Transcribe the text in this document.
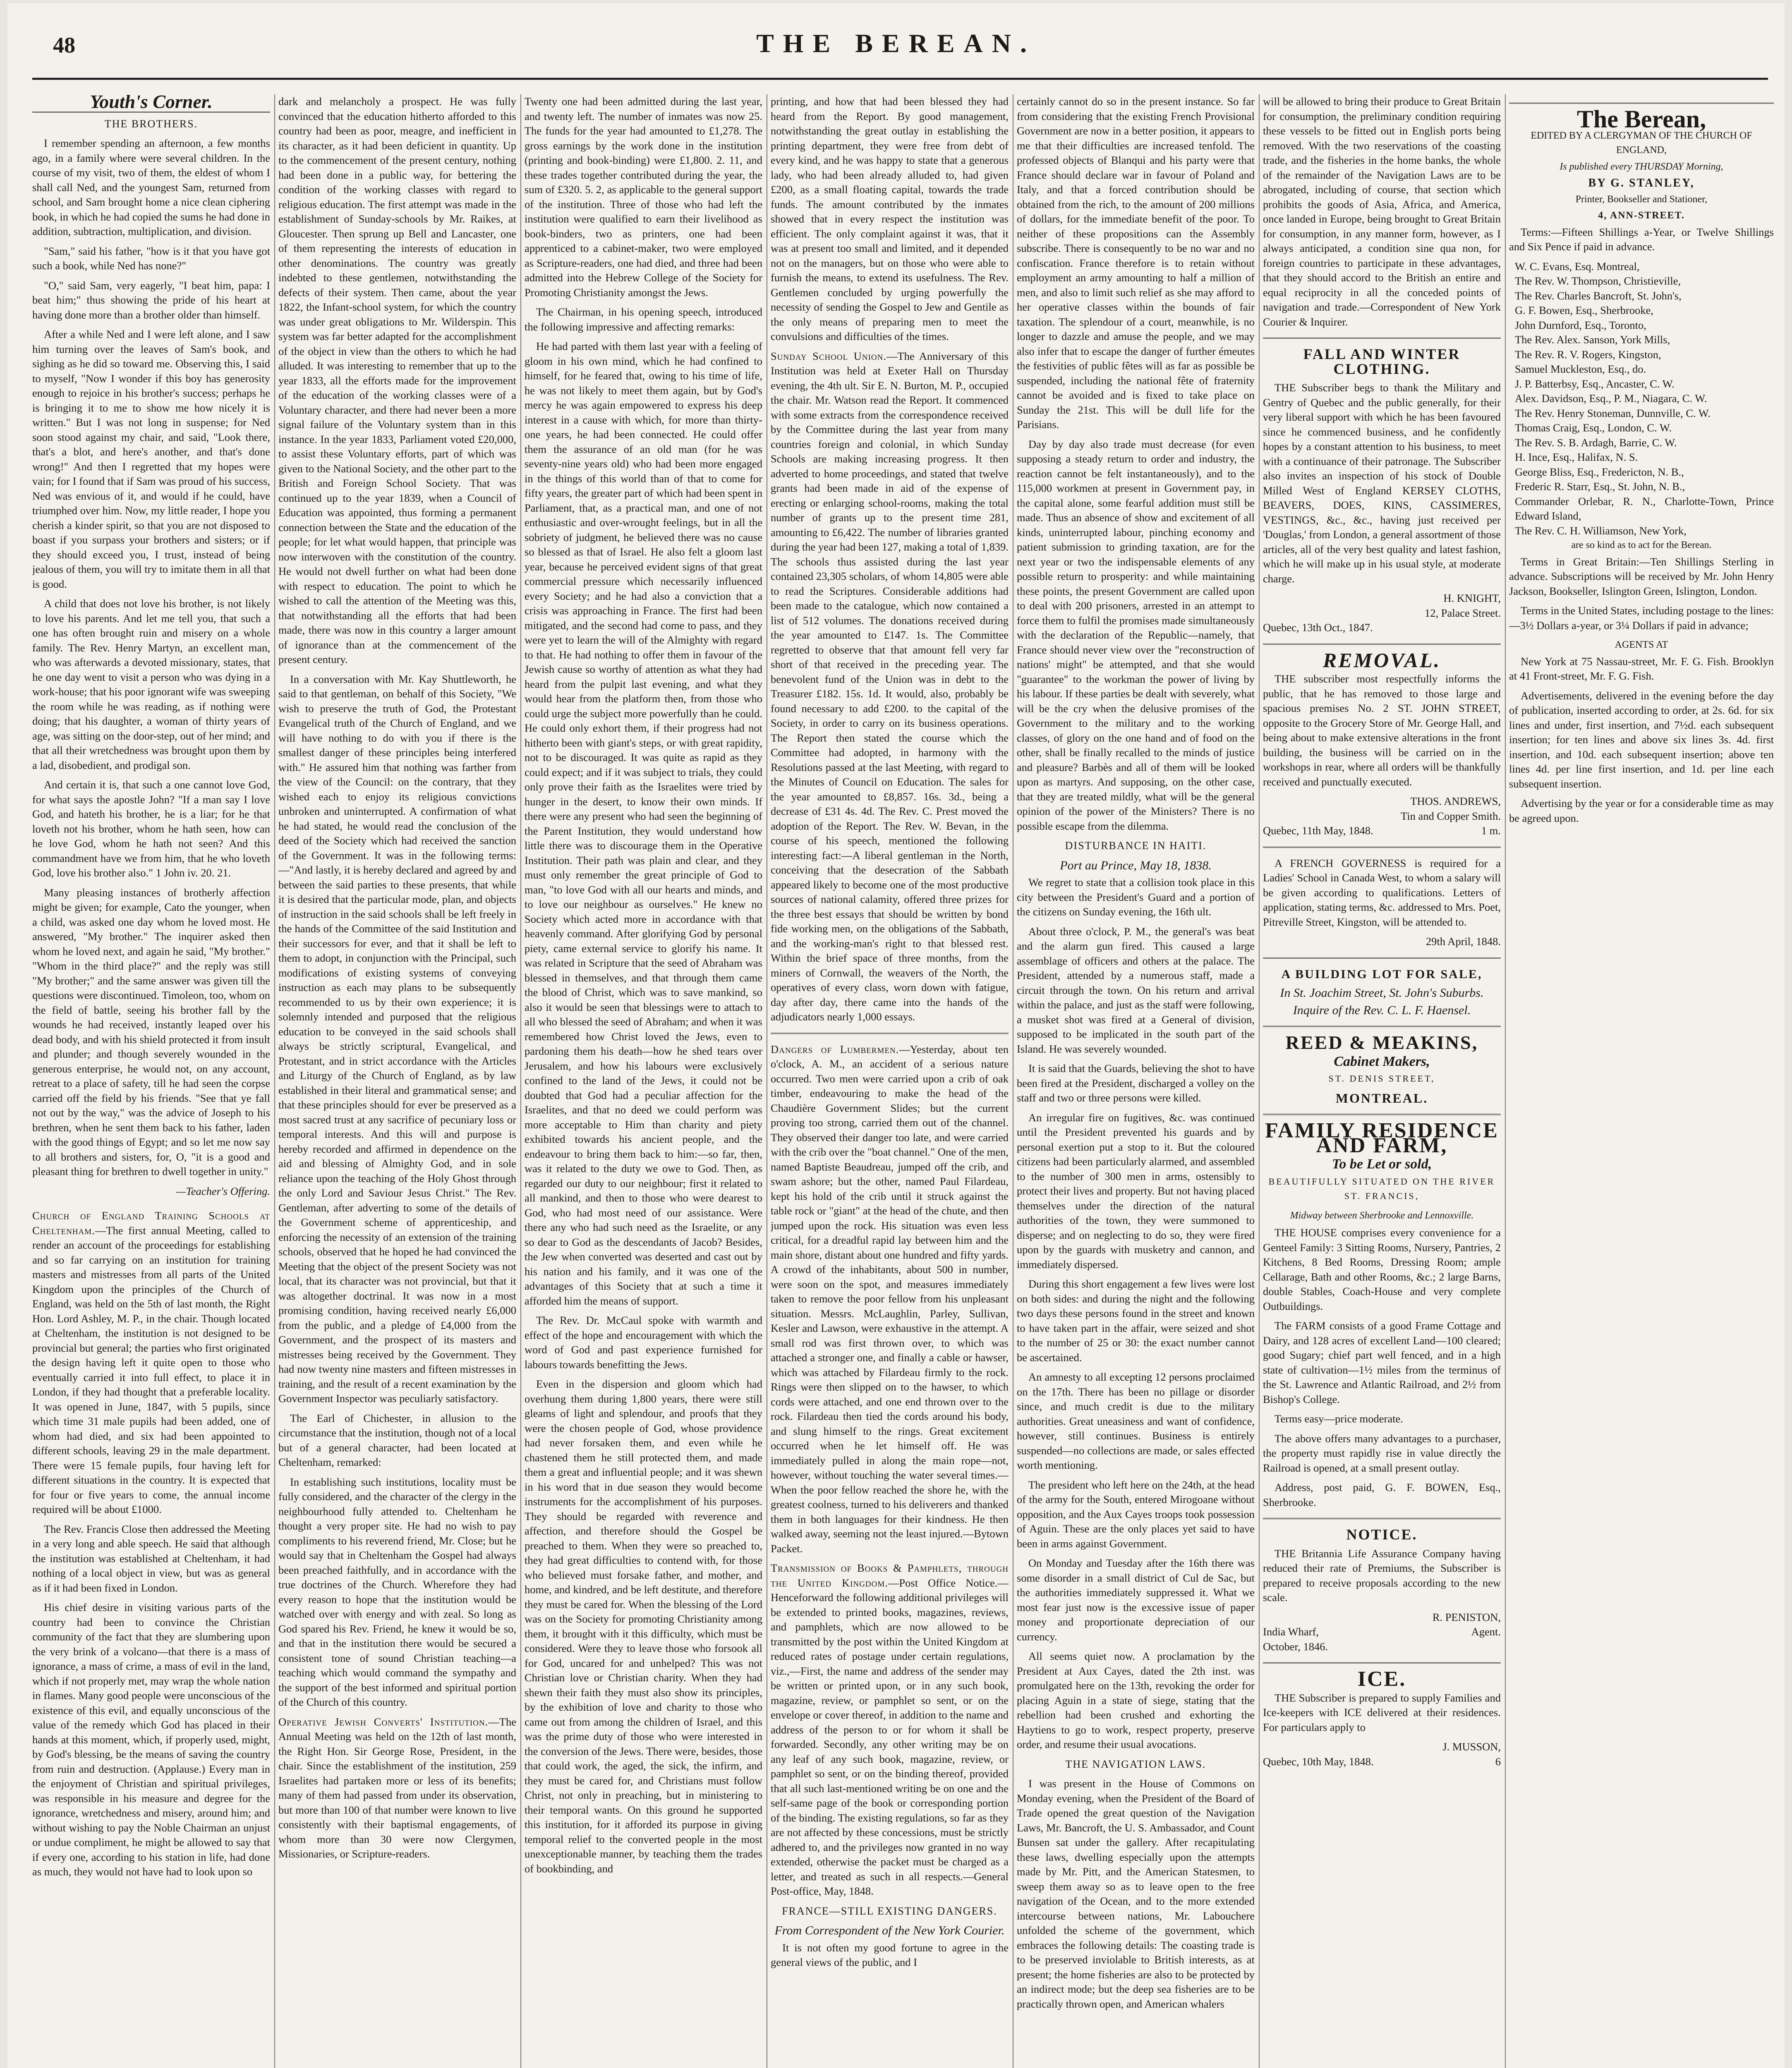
48	THE BEREAN.
Youth's Corner.
THE BROTHERS.

I remember spending an afternoon, a few months ago, in a family where were several children. In the course of my visit, two of them, the eldest of whom I shall call Ned, and the youngest Sam, returned from school, and Sam brought home a nice clean ciphering book, in which he had copied the sums he had done in addition, subtraction, multiplication, and division.

"Sam," said his father, "how is it that you have got such a book, while Ned has none?"

"O," said Sam, very eagerly, "I beat him, papa: I beat him;" thus showing the pride of his heart at having done more than a brother older than himself.

After a while Ned and I were left alone, and I saw him turning over the leaves of Sam's book, and sighing as he did so toward me. Observing this, I said to myself, "Now I wonder if this boy has generosity enough to rejoice in his brother's success; perhaps he is bringing it to me to show me how nicely it is written." But I was not long in suspense; for Ned soon stood against my chair, and said, "Look there, that's a blot, and here's another, and that's done wrong!" And then I regretted that my hopes were vain; for I found that if Sam was proud of his success, Ned was envious of it, and would if he could, have triumphed over him. Now, my little reader, I hope you cherish a kinder spirit, so that you are not disposed to boast if you surpass your brothers and sisters; or if they should exceed you, I trust, instead of being jealous of them, you will try to imitate them in all that is good.

A child that does not love his brother, is not likely to love his parents. And let me tell you, that such a one has often brought ruin and misery on a whole family. The Rev. Henry Martyn, an excellent man, who was afterwards a devoted missionary, states, that he one day went to visit a person who was dying in a work-house; that his poor ignorant wife was sweeping the room while he was reading, as if nothing were doing; that his daughter, a woman of thirty years of age, was sitting on the door-step, out of her mind; and that all their wretchedness was brought upon them by a lad, disobedient, and prodigal son.

And certain it is, that such a one cannot love God, for what says the apostle John? "If a man say I love God, and hateth his brother, he is a liar; for he that loveth not his brother, whom he hath seen, how can he love God, whom he hath not seen? And this commandment have we from him, that he who loveth God, love his brother also." 1 John iv. 20. 21.

Many pleasing instances of brotherly affection might be given; for example, Cato the younger, when a child, was asked one day whom he loved most. He answered, "My brother." The inquirer asked then whom he loved next, and again he said, "My brother." "Whom in the third place?" and the reply was still "My brother;" and the same answer was given till the questions were discontinued. Timoleon, too, whom on the field of battle, seeing his brother fall by the wounds he had received, instantly leaped over his dead body, and with his shield protected it from insult and plunder; and though severely wounded in the generous enterprise, he would not, on any account, retreat to a place of safety, till he had seen the corpse carried off the field by his friends. "See that ye fall not out by the way," was the advice of Joseph to his brethren, when he sent them back to his father, laden with the good things of Egypt; and so let me now say to all brothers and sisters, for, O, "it is a good and pleasant thing for brethren to dwell together in unity."

—Teacher's Offering.

Church of England Training Schools at Cheltenham.—The first annual Meeting, called to render an account of the proceedings for establishing and so far carrying on an institution for training masters and mistresses from all parts of the United Kingdom upon the principles of the Church of England, was held on the 5th of last month, the Right Hon. Lord Ashley, M. P., in the chair. Though located at Cheltenham, the institution is not designed to be provincial but general; the parties who first originated the design having left it quite open to those who eventually carried it into full effect, to place it in London, if they had thought that a preferable locality. It was opened in June, 1847, with 5 pupils, since which time 31 male pupils had been added, one of whom had died, and six had been appointed to different schools, leaving 29 in the male department. There were 15 female pupils, four having left for different situations in the country. It is expected that for four or five years to come, the annual income required will be about £1000.

The Rev. Francis Close then addressed the Meeting in a very long and able speech. He said that although the institution was established at Cheltenham, it had nothing of a local object in view, but was as general as if it had been fixed in London.

His chief desire in visiting various parts of the country had been to convince the Christian community of the fact that they are slumbering upon the very brink of a volcano—that there is a mass of ignorance, a mass of crime, a mass of evil in the land, which if not properly met, may wrap the whole nation in flames. Many good people were unconscious of the existence of this evil, and equally unconscious of the value of the remedy which God has placed in their hands at this moment, which, if properly used, might, by God's blessing, be the means of saving the country from ruin and destruction. (Applause.) Every man in the enjoyment of Christian and spiritual privileges, was responsible in his measure and degree for the ignorance, wretchedness and misery, around him; and without wishing to pay the Noble Chairman an unjust or undue compliment, he might be allowed to say that if every one, according to his station in life, had done as much, they would not have had to look upon so

dark and melancholy a prospect. He was fully convinced that the education hitherto afforded to this country had been as poor, meagre, and inefficient in its character, as it had been deficient in quantity. Up to the commencement of the present century, nothing had been done in a public way, for bettering the condition of the working classes with regard to religious education. The first attempt was made in the establishment of Sunday-schools by Mr. Raikes, at Gloucester. Then sprung up Bell and Lancaster, one of them representing the interests of education in other denominations. The country was greatly indebted to these gentlemen, notwithstanding the defects of their system. Then came, about the year 1822, the Infant-school system, for which the country was under great obligations to Mr. Wilderspin. This system was far better adapted for the accomplishment of the object in view than the others to which he had alluded. It was interesting to remember that up to the year 1833, all the efforts made for the improvement of the education of the working classes were of a Voluntary character, and there had never been a more signal failure of the Voluntary system than in this instance. In the year 1833, Parliament voted £20,000, to assist these Voluntary efforts, part of which was given to the National Society, and the other part to the British and Foreign School Society. That was continued up to the year 1839, when a Council of Education was appointed, thus forming a permanent connection between the State and the education of the people; for let what would happen, that principle was now interwoven with the constitution of the country. He would not dwell further on what had been done with respect to education. The point to which he wished to call the attention of the Meeting was this, that notwithstanding all the efforts that had been made, there was now in this country a larger amount of ignorance than at the commencement of the present century.

In a conversation with Mr. Kay Shuttleworth, he said to that gentleman, on behalf of this Society, "We wish to preserve the truth of God, the Protestant Evangelical truth of the Church of England, and we will have nothing to do with you if there is the smallest danger of these principles being interfered with." He assured him that nothing was farther from the view of the Council: on the contrary, that they wished each to enjoy its religious convictions unbroken and uninterrupted. A confirmation of what he had stated, he would read the conclusion of the deed of the Society which had received the sanction of the Government. It was in the following terms:—"And lastly, it is hereby declared and agreed by and between the said parties to these presents, that while it is desired that the particular mode, plan, and objects of instruction in the said schools shall be left freely in the hands of the Committee of the said Institution and their successors for ever, and that it shall be left to them to adopt, in conjunction with the Principal, such modifications of existing systems of conveying instruction as each may plans to be subsequently recommended to us by their own experience; it is solemnly intended and purposed that the religious education to be conveyed in the said schools shall always be strictly scriptural, Evangelical, and Protestant, and in strict accordance with the Articles and Liturgy of the Church of England, as by law established in their literal and grammatical sense; and that these principles should for ever be preserved as a most sacred trust at any sacrifice of pecuniary loss or temporal interests. And this will and purpose is hereby recorded and affirmed in dependence on the aid and blessing of Almighty God, and in sole reliance upon the teaching of the Holy Ghost through the only Lord and Saviour Jesus Christ." The Rev. Gentleman, after adverting to some of the details of the Government scheme of apprenticeship, and enforcing the necessity of an extension of the training schools, observed that he hoped he had convinced the Meeting that the object of the present Society was not local, that its character was not provincial, but that it was altogether doctrinal. It was now in a most promising condition, having received nearly £6,000 from the public, and a pledge of £4,000 from the Government, and the prospect of its masters and mistresses being received by the Government. They had now twenty nine masters and fifteen mistresses in training, and the result of a recent examination by the Government Inspector was peculiarly satisfactory.

The Earl of Chichester, in allusion to the circumstance that the institution, though not of a local but of a general character, had been located at Cheltenham, remarked:

In establishing such institutions, locality must be fully considered, and the character of the clergy in the neighbourhood fully attended to. Cheltenham he thought a very proper site. He had no wish to pay compliments to his reverend friend, Mr. Close; but he would say that in Cheltenham the Gospel had always been preached faithfully, and in accordance with the true doctrines of the Church. Wherefore they had every reason to hope that the institution would be watched over with energy and with zeal. So long as God spared his Rev. Friend, he knew it would be so, and that in the institution there would be secured a consistent tone of sound Christian teaching—a teaching which would command the sympathy and the support of the best informed and spiritual portion of the Church of this country.

Operative Jewish Converts' Institution.—The Annual Meeting was held on the 12th of last month, the Right Hon. Sir George Rose, President, in the chair. Since the establishment of the institution, 259 Israelites had partaken more or less of its benefits; many of them had passed from under its observation, but more than 100 of that number were known to live consistently with their baptismal engagements, of whom more than 30 were now Clergymen, Missionaries, or Scripture-readers.

Twenty one had been admitted during the last year, and twenty left. The number of inmates was now 25. The funds for the year had amounted to £1,278. The gross earnings by the work done in the institution (printing and book-binding) were £1,800. 2. 11, and these trades together contributed during the year, the sum of £320. 5. 2, as applicable to the general support of the institution. Three of those who had left the institution were qualified to earn their livelihood as book-binders, two as printers, one had been apprenticed to a cabinet-maker, two were employed as Scripture-readers, one had died, and three had been admitted into the Hebrew College of the Society for Promoting Christianity amongst the Jews.

The Chairman, in his opening speech, introduced the following impressive and affecting remarks:

He had parted with them last year with a feeling of gloom in his own mind, which he had confined to himself, for he feared that, owing to his time of life, he was not likely to meet them again, but by God's mercy he was again empowered to express his deep interest in a cause with which, for more than thirty-one years, he had been connected. He could offer them the assurance of an old man (for he was seventy-nine years old) who had been more engaged in the things of this world than of that to come for fifty years, the greater part of which had been spent in Parliament, that, as a practical man, and one of not enthusiastic and over-wrought feelings, but in all the sobriety of judgment, he believed there was no cause so blessed as that of Israel. He also felt a gloom last year, because he perceived evident signs of that great commercial pressure which necessarily influenced every Society; and he had also a conviction that a crisis was approaching in France. The first had been mitigated, and the second had come to pass, and they were yet to learn the will of the Almighty with regard to that. He had nothing to offer them in favour of the Jewish cause so worthy of attention as what they had heard from the pulpit last evening, and what they would hear from the platform then, from those who could urge the subject more powerfully than he could. He could only exhort them, if their progress had not hitherto been with giant's steps, or with great rapidity, not to be discouraged. It was quite as rapid as they could expect; and if it was subject to trials, they could only prove their faith as the Israelites were tried by hunger in the desert, to know their own minds. If there were any present who had seen the beginning of the Parent Institution, they would understand how little there was to discourage them in the Operative Institution. Their path was plain and clear, and they must only remember the great principle of God to man, "to love God with all our hearts and minds, and to love our neighbour as ourselves." He knew no Society which acted more in accordance with that heavenly command. After glorifying God by personal piety, came external service to glorify his name. It was related in Scripture that the seed of Abraham was blessed in themselves, and that through them came the blood of Christ, which was to save mankind, so also it would be seen that blessings were to attach to all who blessed the seed of Abraham; and when it was remembered how Christ loved the Jews, even to pardoning them his death—how he shed tears over Jerusalem, and how his labours were exclusively confined to the land of the Jews, it could not be doubted that God had a peculiar affection for the Israelites, and that no deed we could perform was more acceptable to Him than charity and piety exhibited towards his ancient people, and the endeavour to bring them back to him:—so far, then, was it related to the duty we owe to God. Then, as regarded our duty to our neighbour; first it related to all mankind, and then to those who were dearest to God, who had most need of our assistance. Were there any who had such need as the Israelite, or any so dear to God as the descendants of Jacob? Besides, the Jew when converted was deserted and cast out by his nation and his family, and it was one of the advantages of this Society that at such a time it afforded him the means of support.

The Rev. Dr. McCaul spoke with warmth and effect of the hope and encouragement with which the word of God and past experience furnished for labours towards benefitting the Jews.

Even in the dispersion and gloom which had overhung them during 1,800 years, there were still gleams of light and splendour, and proofs that they were the chosen people of God, whose providence had never forsaken them, and even while he chastened them he still protected them, and made them a great and influential people; and it was shewn in his word that in due season they would become instruments for the accomplishment of his purposes. They should be regarded with reverence and affection, and therefore should the Gospel be preached to them. When they were so preached to, they had great difficulties to contend with, for those who believed must forsake father, and mother, and home, and kindred, and be left destitute, and therefore they must be cared for. When the blessing of the Lord was on the Society for promoting Christianity among them, it brought with it this difficulty, which must be considered. Were they to leave those who forsook all for God, uncared for and unhelped? This was not Christian love or Christian charity. When they had shewn their faith they must also show its principles, by the exhibition of love and charity to those who came out from among the children of Israel, and this was the prime duty of those who were interested in the conversion of the Jews. There were, besides, those that could work, the aged, the sick, the infirm, and they must be cared for, and Christians must follow Christ, not only in preaching, but in ministering to their temporal wants. On this ground he supported this institution, for it afforded its purpose in giving temporal relief to the converted people in the most unexceptionable manner, by teaching them the trades of bookbinding, and

printing, and how that had been blessed they had heard from the Report. By good management, notwithstanding the great outlay in establishing the printing department, they were free from debt of every kind, and he was happy to state that a generous lady, who had been already alluded to, had given £200, as a small floating capital, towards the trade funds. The amount contributed by the inmates showed that in every respect the institution was efficient. The only complaint against it was, that it was at present too small and limited, and it depended not on the managers, but on those who were able to furnish the means, to extend its usefulness. The Rev. Gentlemen concluded by urging powerfully the necessity of sending the Gospel to Jew and Gentile as the only means of preparing men to meet the convulsions and difficulties of the times.

Sunday School Union.—The Anniversary of this Institution was held at Exeter Hall on Thursday evening, the 4th ult. Sir E. N. Burton, M. P., occupied the chair. Mr. Watson read the Report. It commenced with some extracts from the correspondence received by the Committee during the last year from many countries foreign and colonial, in which Sunday Schools are making increasing progress. It then adverted to home proceedings, and stated that twelve grants had been made in aid of the expense of erecting or enlarging school-rooms, making the total number of grants up to the present time 281, amounting to £6,422. The number of libraries granted during the year had been 127, making a total of 1,839. The schools thus assisted during the last year contained 23,305 scholars, of whom 14,805 were able to read the Scriptures. Considerable additions had been made to the catalogue, which now contained a list of 512 volumes. The donations received during the year amounted to £147. 1s. The Committee regretted to observe that that amount fell very far short of that received in the preceding year. The benevolent fund of the Union was in debt to the Treasurer £182. 15s. 1d. It would, also, probably be found necessary to add £200. to the capital of the Society, in order to carry on its business operations. The Report then stated the course which the Committee had adopted, in harmony with the Resolutions passed at the last Meeting, with regard to the Minutes of Council on Education. The sales for the year amounted to £8,857. 16s. 3d., being a decrease of £31 4s. 4d. The Rev. C. Prest moved the adoption of the Report. The Rev. W. Bevan, in the course of his speech, mentioned the following interesting fact:—A liberal gentleman in the North, conceiving that the desecration of the Sabbath appeared likely to become one of the most productive sources of national calamity, offered three prizes for the three best essays that should be written by bond fide working men, on the obligations of the Sabbath, and the working-man's right to that blessed rest. Within the brief space of three months, from the miners of Cornwall, the weavers of the North, the operatives of every class, worn down with fatigue, day after day, there came into the hands of the adjudicators nearly 1,000 essays.

Dangers of Lumbermen.—Yesterday, about ten o'clock, A. M., an accident of a serious nature occurred. Two men were carried upon a crib of oak timber, endeavouring to make the head of the Chaudière Government Slides; but the current proving too strong, carried them out of the channel. They observed their danger too late, and were carried with the crib over the "boat channel." One of the men, named Baptiste Beaudreau, jumped off the crib, and swam ashore; but the other, named Paul Filardeau, kept his hold of the crib until it struck against the table rock or "giant" at the head of the chute, and then jumped upon the rock. His situation was even less critical, for a dreadful rapid lay between him and the main shore, distant about one hundred and fifty yards. A crowd of the inhabitants, about 500 in number, were soon on the spot, and measures immediately taken to remove the poor fellow from his unpleasant situation. Messrs. McLaughlin, Parley, Sullivan, Kesler and Lawson, were exhaustive in the attempt. A small rod was first thrown over, to which was attached a stronger one, and finally a cable or hawser, which was attached by Filardeau firmly to the rock. Rings were then slipped on to the hawser, to which cords were attached, and one end thrown over to the rock. Filardeau then tied the cords around his body, and slung himself to the rings. Great excitement occurred when he let himself off. He was immediately pulled in along the main rope—not, however, without touching the water several times.—When the poor fellow reached the shore he, with the greatest coolness, turned to his deliverers and thanked them in both languages for their kindness. He then walked away, seeming not the least injured.—Bytown Packet.

Transmission of Books & Pamphlets, through the United Kingdom.—Post Office Notice.—Henceforward the following additional privileges will be extended to printed books, magazines, reviews, and pamphlets, which are now allowed to be transmitted by the post within the United Kingdom at reduced rates of postage under certain regulations, viz.,—First, the name and address of the sender may be written or printed upon, or in any such book, magazine, review, or pamphlet so sent, or on the envelope or cover thereof, in addition to the name and address of the person to or for whom it shall be forwarded. Secondly, any other writing may be on any leaf of any such book, magazine, review, or pamphlet so sent, or on the binding thereof, provided that all such last-mentioned writing be on one and the self-same page of the book or corresponding portion of the binding. The existing regulations, so far as they are not affected by these concessions, must be strictly adhered to, and the privileges now granted in no way extended, otherwise the packet must be charged as a letter, and treated as such in all respects.—General Post-office, May, 1848.

FRANCE—STILL EXISTING DANGERS.
From Correspondent of the New York Courier.

It is not often my good fortune to agree in the general views of the public, and I

certainly cannot do so in the present instance. So far from considering that the existing French Provisional Government are now in a better position, it appears to me that their difficulties are increased tenfold. The professed objects of Blanqui and his party were that France should declare war in favour of Poland and Italy, and that a forced contribution should be obtained from the rich, to the amount of 200 millions of dollars, for the immediate benefit of the poor. To neither of these propositions can the Assembly subscribe. There is consequently to be no war and no confiscation. France therefore is to retain without employment an army amounting to half a million of men, and also to limit such relief as she may afford to her operative classes within the bounds of fair taxation. The splendour of a court, meanwhile, is no longer to dazzle and amuse the people, and we may also infer that to escape the danger of further émeutes the festivities of public fêtes will as far as possible be suspended, including the national fête of fraternity cannot be avoided and is fixed to take place on Sunday the 21st. This will be dull life for the Parisians.

Day by day also trade must decrease (for even supposing a steady return to order and industry, the reaction cannot be felt instantaneously), and to the 115,000 workmen at present in Government pay, in the capital alone, some fearful addition must still be made. Thus an absence of show and excitement of all kinds, uninterrupted labour, pinching economy and patient submission to grinding taxation, are for the next year or two the indispensable elements of any possible return to prosperity: and while maintaining these points, the present Government are called upon to deal with 200 prisoners, arrested in an attempt to force them to fulfil the promises made simultaneously with the declaration of the Republic—namely, that France should never view over the "reconstruction of nations' might" be attempted, and that she would "guarantee" to the workman the power of living by his labour. If these parties be dealt with severely, what will be the cry when the delusive promises of the Government to the military and to the working classes, of glory on the one hand and of food on the other, shall be finally recalled to the minds of justice and pleasure? Barbès and all of them will be looked upon as martyrs. And supposing, on the other case, that they are treated mildly, what will be the general opinion of the power of the Ministers? There is no possible escape from the dilemma.

DISTURBANCE IN HAITI.
Port au Prince, May 18, 1838.

We regret to state that a collision took place in this city between the President's Guard and a portion of the citizens on Sunday evening, the 16th ult.

About three o'clock, P. M., the general's was beat and the alarm gun fired. This caused a large assemblage of officers and others at the palace. The President, attended by a numerous staff, made a circuit through the town. On his return and arrival within the palace, and just as the staff were following, a musket shot was fired at a General of division, supposed to be implicated in the south part of the Island. He was severely wounded.

It is said that the Guards, believing the shot to have been fired at the President, discharged a volley on the staff and two or three persons were killed.

An irregular fire on fugitives, &c. was continued until the President prevented his guards and by personal exertion put a stop to it. But the coloured citizens had been particularly alarmed, and assembled to the number of 300 men in arms, ostensibly to protect their lives and property. But not having placed themselves under the direction of the natural authorities of the town, they were summoned to disperse; and on neglecting to do so, they were fired upon by the guards with musketry and cannon, and immediately dispersed.

During this short engagement a few lives were lost on both sides: and during the night and the following two days these persons found in the street and known to have taken part in the affair, were seized and shot to the number of 25 or 30: the exact number cannot be ascertained.

An amnesty to all excepting 12 persons proclaimed on the 17th. There has been no pillage or disorder since, and much credit is due to the military authorities. Great uneasiness and want of confidence, however, still continues. Business is entirely suspended—no collections are made, or sales effected worth mentioning.

The president who left here on the 24th, at the head of the army for the South, entered Mirogoane without opposition, and the Aux Cayes troops took possession of Aguin. These are the only places yet said to have been in arms against Government.

On Monday and Tuesday after the 16th there was some disorder in a small district of Cul de Sac, but the authorities immediately suppressed it. What we most fear just now is the excessive issue of paper money and proportionate depreciation of our currency.

All seems quiet now. A proclamation by the President at Aux Cayes, dated the 2th inst. was promulgated here on the 13th, revoking the order for placing Aguin in a state of siege, stating that the rebellion had been crushed and exhorting the Haytiens to go to work, respect property, preserve order, and resume their usual avocations.

THE NAVIGATION LAWS.

I was present in the House of Commons on Monday evening, when the President of the Board of Trade opened the great question of the Navigation Laws, Mr. Bancroft, the U. S. Ambassador, and Count Bunsen sat under the gallery. After recapitulating these laws, dwelling especially upon the attempts made by Mr. Pitt, and the American Statesmen, to sweep them away so as to leave open to the free navigation of the Ocean, and to the more extended intercourse between nations, Mr. Labouchere unfolded the scheme of the government, which embraces the following details: The coasting trade is to be preserved inviolable to British interests, as at present; the home fisheries are also to be protected by an indirect mode; but the deep sea fisheries are to be practically thrown open, and American whalers

will be allowed to bring their produce to Great Britain for consumption, the preliminary condition requiring these vessels to be fitted out in English ports being removed. With the two reservations of the coasting trade, and the fisheries in the home banks, the whole of the remainder of the Navigation Laws are to be abrogated, including of course, that section which prohibits the goods of Asia, Africa, and America, once landed in Europe, being brought to Great Britain for consumption, in any manner form, however, as I always anticipated, a condition sine qua non, for foreign countries to participate in these advantages, that they should accord to the British an entire and equal reciprocity in all the conceded points of navigation and trade.—Correspondent of New York Courier & Inquirer.

FALL AND WINTER CLOTHING.

THE Subscriber begs to thank the Military and Gentry of Quebec and the public generally, for their very liberal support with which he has been favoured since he commenced business, and he confidently hopes by a constant attention to his business, to meet with a continuance of their patronage. The Subscriber also invites an inspection of his stock of Double Milled West of England KERSEY CLOTHS, BEAVERS, DOES, KINS, CASSIMERES, VESTINGS, &c., &c., having just received per 'Douglas,' from London, a general assortment of those articles, all of the very best quality and latest fashion, which he will make up in his usual style, at moderate charge.

H. KNIGHT,
12, Palace Street.
Quebec, 13th Oct., 1847.
REMOVAL.

THE subscriber most respectfully informs the public, that he has removed to those large and spacious premises No. 2 ST. JOHN STREET, opposite to the Grocery Store of Mr. George Hall, and being about to make extensive alterations in the front building, the business will be carried on in the workshops in rear, where all orders will be thankfully received and punctually executed.

THOS. ANDREWS,
Tin and Copper Smith.
Quebec, 11th May, 1848.	1 m.

A FRENCH GOVERNESS is required for a Ladies' School in Canada West, to whom a salary will be given according to qualifications. Letters of application, stating terms, &c. addressed to Mrs. Poet, Pitreville Street, Kingston, will be attended to.

29th April, 1848.
A BUILDING LOT FOR SALE,
In St. Joachim Street, St. John's Suburbs.
Inquire of the Rev. C. L. F. Haensel.
REED & MEAKINS,
Cabinet Makers,
ST. DENIS STREET,
MONTREAL.
FAMILY RESIDENCE AND FARM,
To be Let or sold,
BEAUTIFULLY SITUATED ON THE RIVER ST. FRANCIS,
Midway between Sherbrooke and Lennoxville.

THE HOUSE comprises every convenience for a Genteel Family: 3 Sitting Rooms, Nursery, Pantries, 2 Kitchens, 8 Bed Rooms, Dressing Room; ample Cellarage, Bath and other Rooms, &c.; 2 large Barns, double Stables, Coach-House and very complete Outbuildings.

The FARM consists of a good Frame Cottage and Dairy, and 128 acres of excellent Land—100 cleared; good Sugary; chief part well fenced, and in a high state of cultivation—1½ miles from the terminus of the St. Lawrence and Atlantic Railroad, and 2½ from Bishop's College.

Terms easy—price moderate.

The above offers many advantages to a purchaser, the property must rapidly rise in value directly the Railroad is opened, at a small present outlay.

Address, post paid, G. F. BOWEN, Esq., Sherbrooke.

NOTICE.

THE Britannia Life Assurance Company having reduced their rate of Premiums, the Subscriber is prepared to receive proposals according to the new scale.

R. PENISTON,
India Wharf,	Agent.
October, 1846.
ICE.

THE Subscriber is prepared to supply Families and Ice-keepers with ICE delivered at their residences. For particulars apply to

J. MUSSON,
Quebec, 10th May, 1848.	6
The Berean,
EDITED BY A CLERGYMAN OF THE CHURCH OF ENGLAND,
Is published every THURSDAY Morning,
BY G. STANLEY,
Printer, Bookseller and Stationer,
4, ANN-STREET.

Terms:—Fifteen Shillings a-Year, or Twelve Shillings and Six Pence if paid in advance.

W. C. Evans, Esq. Montreal,
The Rev. W. Thompson, Christieville,
The Rev. Charles Bancroft, St. John's,
G. F. Bowen, Esq., Sherbrooke,
John Durnford, Esq., Toronto,
The Rev. Alex. Sanson, York Mills,
The Rev. R. V. Rogers, Kingston,
Samuel Muckleston, Esq., do.
J. P. Batterbsy, Esq., Ancaster, C. W.
Alex. Davidson, Esq., P. M., Niagara, C. W.
The Rev. Henry Stoneman, Dunnville, C. W.
Thomas Craig, Esq., London, C. W.
The Rev. S. B. Ardagh, Barrie, C. W.
H. Ince, Esq., Halifax, N. S.
George Bliss, Esq., Fredericton, N. B.,
Frederic R. Starr, Esq., St. John, N. B.,
Commander Orlebar, R. N., Charlotte-Town, Prince Edward Island,
The Rev. C. H. Williamson, New York,
are so kind as to act for the Berean.

Terms in Great Britain:—Ten Shillings Sterling in advance. Subscriptions will be received by Mr. John Henry Jackson, Bookseller, Islington Green, Islington, London.

Terms in the United States, including postage to the lines:—3½ Dollars a-year, or 3¼ Dollars if paid in advance;

AGENTS AT

New York at 75 Nassau-street, Mr. F. G. Fish. Brooklyn at 41 Front-street, Mr. F. G. Fish.

Advertisements, delivered in the evening before the day of publication, inserted according to order, at 2s. 6d. for six lines and under, first insertion, and 7½d. each subsequent insertion; for ten lines and above six lines 3s. 4d. first insertion, and 10d. each subsequent insertion; above ten lines 4d. per line first insertion, and 1d. per line each subsequent insertion.

Advertising by the year or for a considerable time as may be agreed upon.
